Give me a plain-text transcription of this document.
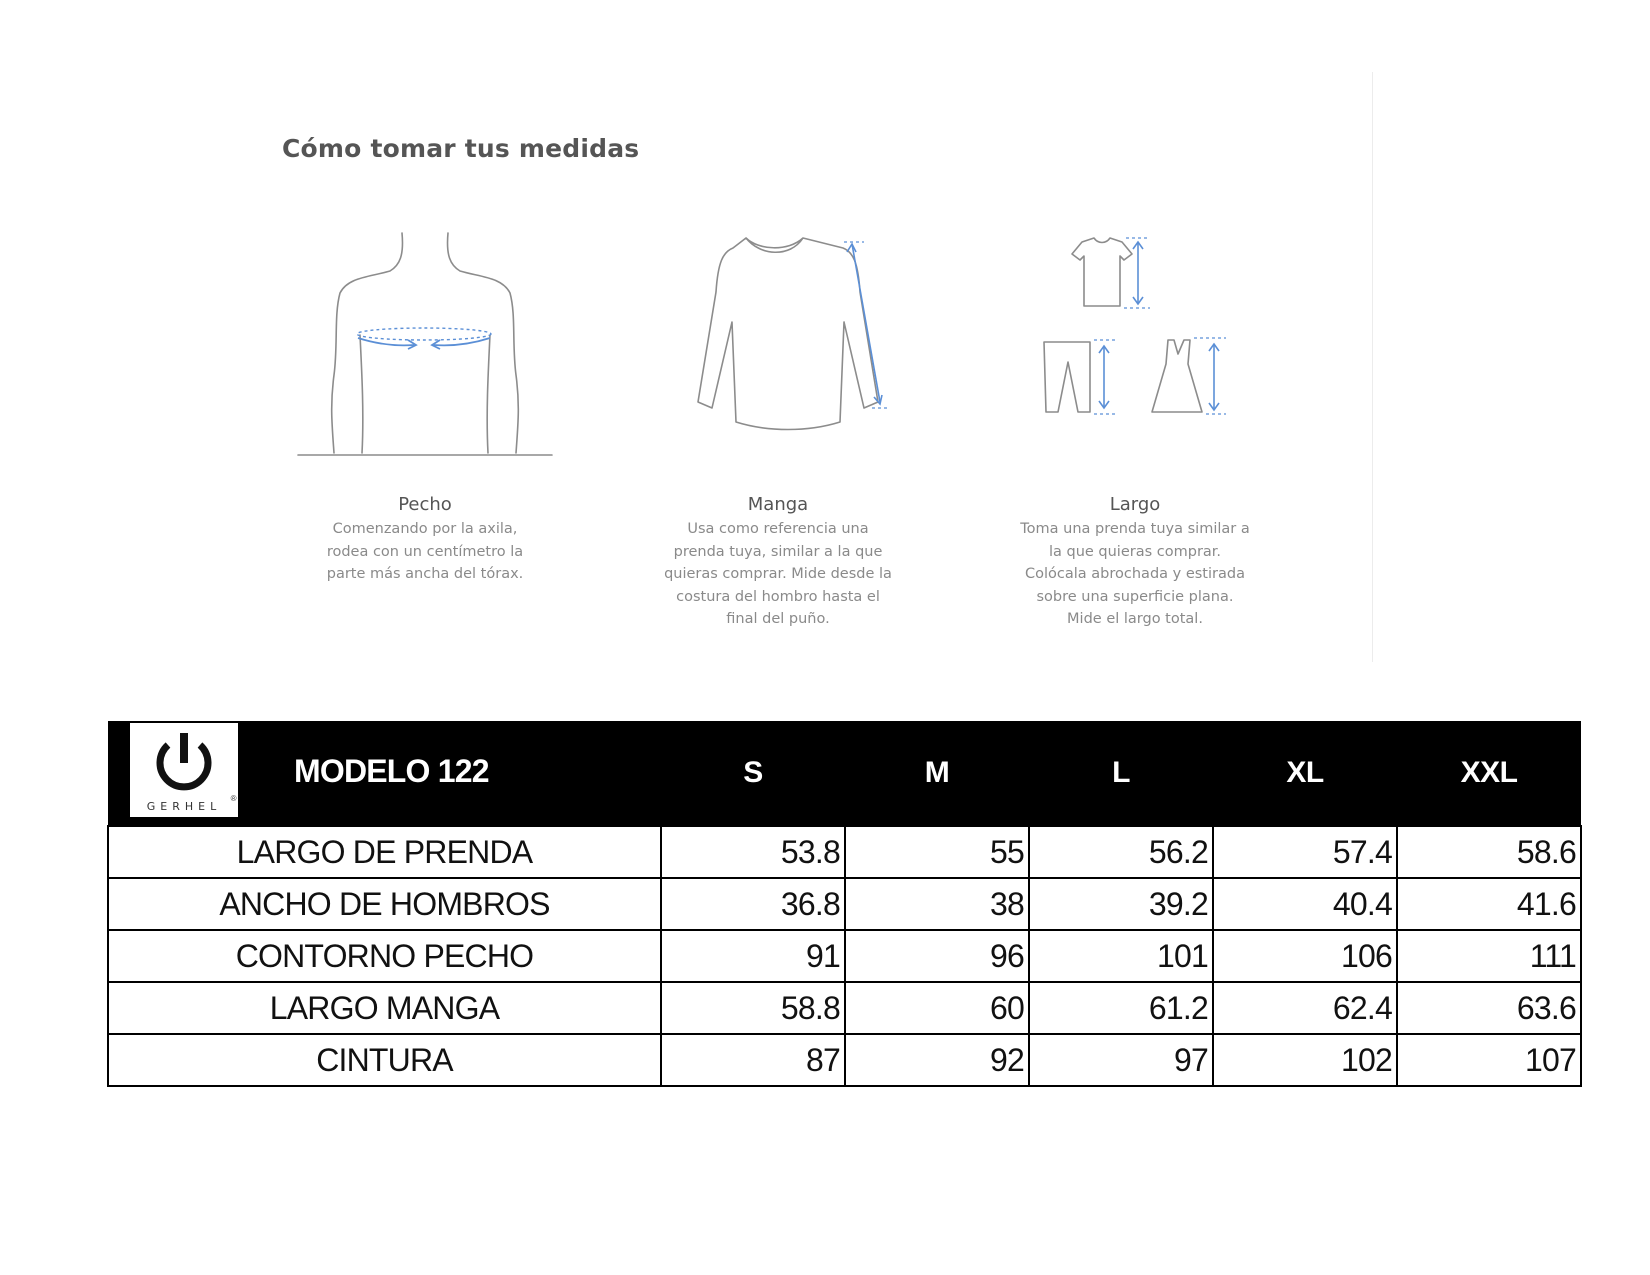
Cómo tomar tus medidas
Pecho
Comenzando por la axila,
rodea con un centímetro la
parte más ancha del tórax.
Manga
Usa como referencia una
prenda tuya, similar a la que
quieras comprar. Mide desde la
costura del hombro hasta el
final del puño.
Largo
Toma una prenda tuya similar a
la que quieras comprar.
Colócala abrochada y estirada
sobre una superficie plana.
Mide el largo total.
GERHEL
®
MODELO 122	S	M	L	XL	XXL
LARGO DE PRENDA	53.8	55	56.2	57.4	58.6
ANCHO DE HOMBROS	36.8	38	39.2	40.4	41.6
CONTORNO PECHO	91	96	101	106	111
LARGO MANGA	58.8	60	61.2	62.4	63.6
CINTURA	87	92	97	102	107
